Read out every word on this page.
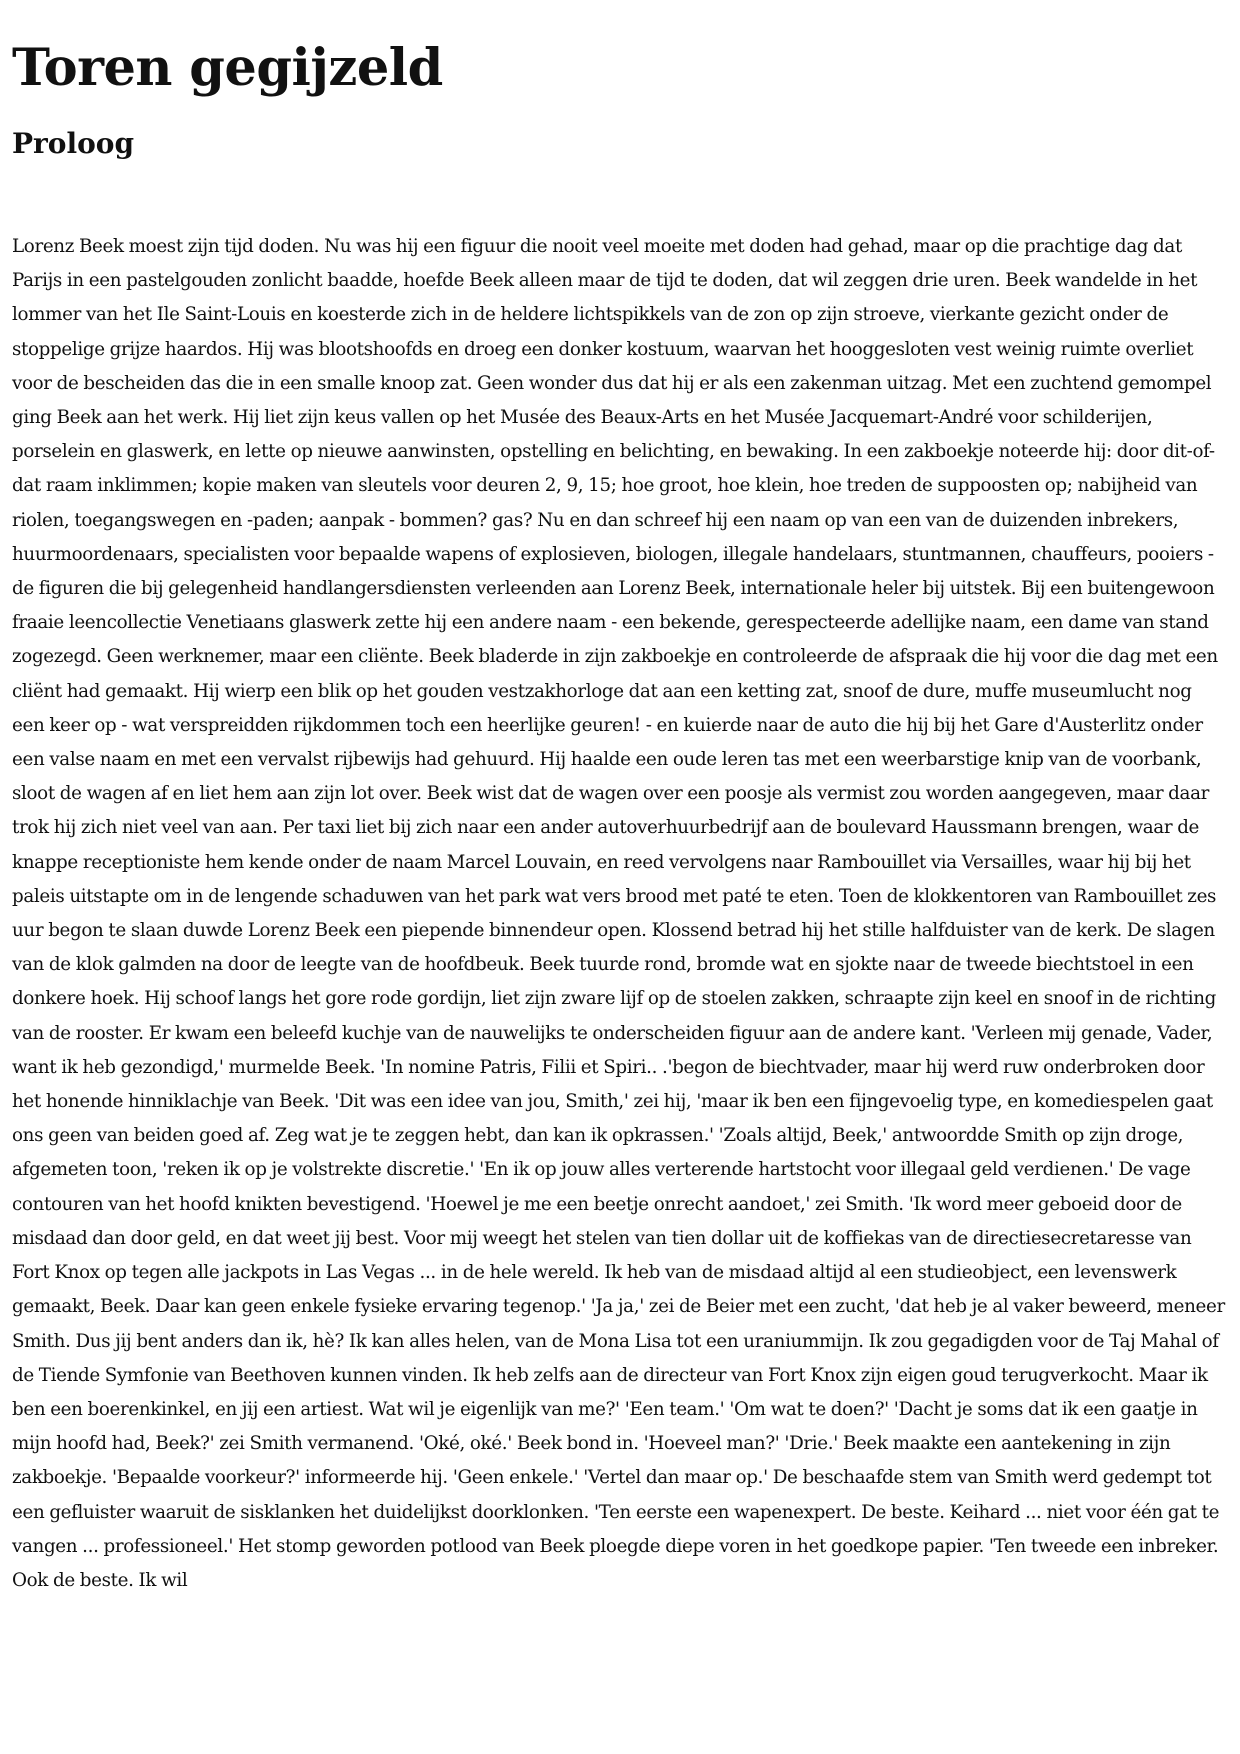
Toren gegijzeld
Proloog

Lorenz Beek moest zijn tijd doden. Nu was hij een figuur die nooit veel moeite met doden had gehad, maar op die prachtige dag dat Parijs in een pastelgouden zonlicht baadde, hoefde Beek alleen maar de tijd te doden, dat wil zeggen drie uren. Beek wandelde in het lommer van het Ile Saint-Louis en koesterde zich in de heldere lichtspikkels van de zon op zijn stroeve, vierkante gezicht onder de stoppelige grijze haardos. Hij was blootshoofds en droeg een donker kostuum, waarvan het hooggesloten vest weinig ruimte overliet voor de bescheiden das die in een smalle knoop zat. Geen wonder dus dat hij er als een zakenman uitzag. Met een zuchtend gemompel ging Beek aan het werk. Hij liet zijn keus vallen op het Musée des Beaux-Arts en het Musée Jacquemart-André voor schilderijen, porselein en glaswerk, en lette op nieuwe aanwinsten, opstelling en belichting, en bewaking. In een zakboekje noteerde hij: door dit-of-dat raam inklimmen; kopie maken van sleutels voor deuren 2, 9, 15; hoe groot, hoe klein, hoe treden de suppoosten op; nabijheid van riolen, toegangswegen en -paden; aanpak - bommen? gas? Nu en dan schreef hij een naam op van een van de duizenden inbrekers, huurmoordenaars, specialisten voor bepaalde wapens of explosieven, biologen, illegale handelaars, stuntmannen, chauffeurs, pooiers - de figuren die bij gelegenheid handlangersdiensten verleenden aan Lorenz Beek, internationale heler bij uitstek. Bij een buitengewoon fraaie leencollectie Venetiaans glaswerk zette hij een andere naam - een bekende, gerespecteerde adellijke naam, een dame van stand zogezegd. Geen werknemer, maar een cliënte. Beek bladerde in zijn zakboekje en controleerde de afspraak die hij voor die dag met een cliënt had gemaakt. Hij wierp een blik op het gouden vestzakhorloge dat aan een ketting zat, snoof de dure, muffe museumlucht nog een keer op - wat verspreidden rijkdommen toch een heerlijke geuren! - en kuierde naar de auto die hij bij het Gare d'Austerlitz onder een valse naam en met een vervalst rijbewijs had gehuurd. Hij haalde een oude leren tas met een weerbarstige knip van de voorbank, sloot de wagen af en liet hem aan zijn lot over. Beek wist dat de wagen over een poosje als vermist zou worden aangegeven, maar daar trok hij zich niet veel van aan. Per taxi liet bij zich naar een ander autoverhuurbedrijf aan de boulevard Haussmann brengen, waar de knappe receptioniste hem kende onder de naam Marcel Louvain, en reed vervolgens naar Rambouillet via Versailles, waar hij bij het paleis uitstapte om in de lengende schaduwen van het park wat vers brood met paté te eten. Toen de klokkentoren van Rambouillet zes uur begon te slaan duwde Lorenz Beek een piepende binnendeur open. Klossend betrad hij het stille halfduister van de kerk. De slagen van de klok galmden na door de leegte van de hoofdbeuk. Beek tuurde rond, bromde wat en sjokte naar de tweede biechtstoel in een donkere hoek. Hij schoof langs het gore rode gordijn, liet zijn zware lijf op de stoelen zakken, schraapte zijn keel en snoof in de richting van de rooster. Er kwam een beleefd kuchje van de nauwelijks te onderscheiden figuur aan de andere kant. 'Verleen mij genade, Vader, want ik heb gezondigd,' murmelde Beek. 'In nomine Patris, Filii et Spiri.. .'begon de biechtvader, maar hij werd ruw onderbroken door het honende hinniklachje van Beek. 'Dit was een idee van jou, Smith,' zei hij, 'maar ik ben een fijngevoelig type, en komediespelen gaat ons geen van beiden goed af. Zeg wat je te zeggen hebt, dan kan ik opkrassen.' 'Zoals altijd, Beek,' antwoordde Smith op zijn droge, afgemeten toon, 'reken ik op je volstrekte discretie.' 'En ik op jouw alles verterende hartstocht voor illegaal geld verdienen.' De vage contouren van het hoofd knikten bevestigend. 'Hoewel je me een beetje onrecht aandoet,' zei Smith. 'Ik word meer geboeid door de misdaad dan door geld, en dat weet jij best. Voor mij weegt het stelen van tien dollar uit de koffiekas van de directiesecretaresse van Fort Knox op tegen alle jackpots in Las Vegas ... in de hele wereld. Ik heb van de misdaad altijd al een studieobject, een levenswerk gemaakt, Beek. Daar kan geen enkele fysieke ervaring tegenop.' 'Ja ja,' zei de Beier met een zucht, 'dat heb je al vaker beweerd, meneer Smith. Dus jij bent anders dan ik, hè? Ik kan alles helen, van de Mona Lisa tot een uraniummijn. Ik zou gegadigden voor de Taj Mahal of de Tiende Symfonie van Beethoven kunnen vinden. Ik heb zelfs aan de directeur van Fort Knox zijn eigen goud terugverkocht. Maar ik ben een boerenkinkel, en jij een artiest. Wat wil je eigenlijk van me?' 'Een team.' 'Om wat te doen?' 'Dacht je soms dat ik een gaatje in mijn hoofd had, Beek?' zei Smith vermanend. 'Oké, oké.' Beek bond in. 'Hoeveel man?' 'Drie.' Beek maakte een aantekening in zijn zakboekje. 'Bepaalde voorkeur?' informeerde hij. 'Geen enkele.' 'Vertel dan maar op.' De beschaafde stem van Smith werd gedempt tot een gefluister waaruit de sisklanken het duidelijkst doorklonken. 'Ten eerste een wapenexpert. De beste. Keihard ... niet voor één gat te vangen ... professioneel.' Het stomp geworden potlood van Beek ploegde diepe voren in het goedkope papier. 'Ten tweede een inbreker. Ook de beste. Ik wil
